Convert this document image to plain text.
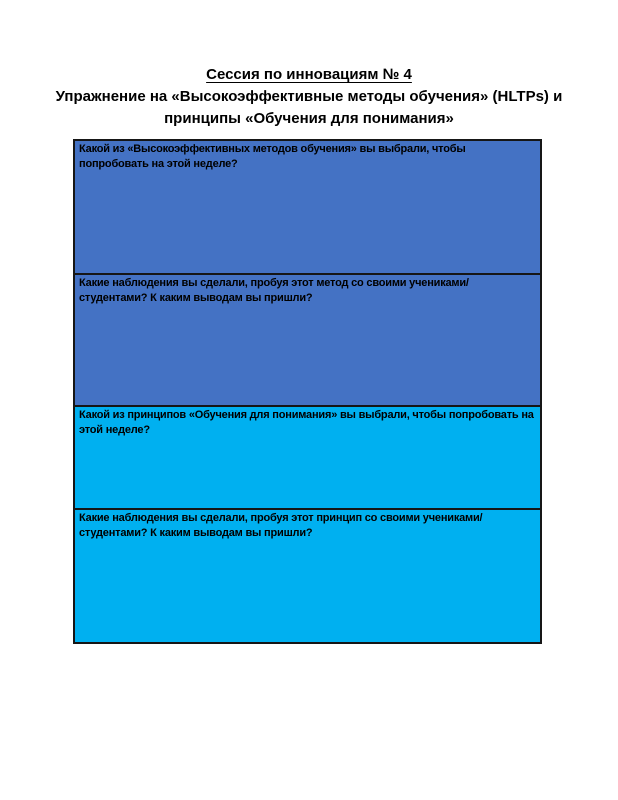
Сессия по инновациям № 4
Упражнение на «Высокоэффективные методы обучения» (HLTPs) и
принципы «Обучения для понимания»
Какой из «Высокоэффективных методов обучения» вы выбрали, чтобы попробовать на этой неделе?
Какие наблюдения вы сделали, пробуя этот метод со своими учениками/студентами? К каким выводам вы пришли?
Какой из принципов «Обучения для понимания» вы выбрали, чтобы попробовать на этой неделе?
Какие наблюдения вы сделали, пробуя этот принцип со своими учениками/студентами? К каким выводам вы пришли?
